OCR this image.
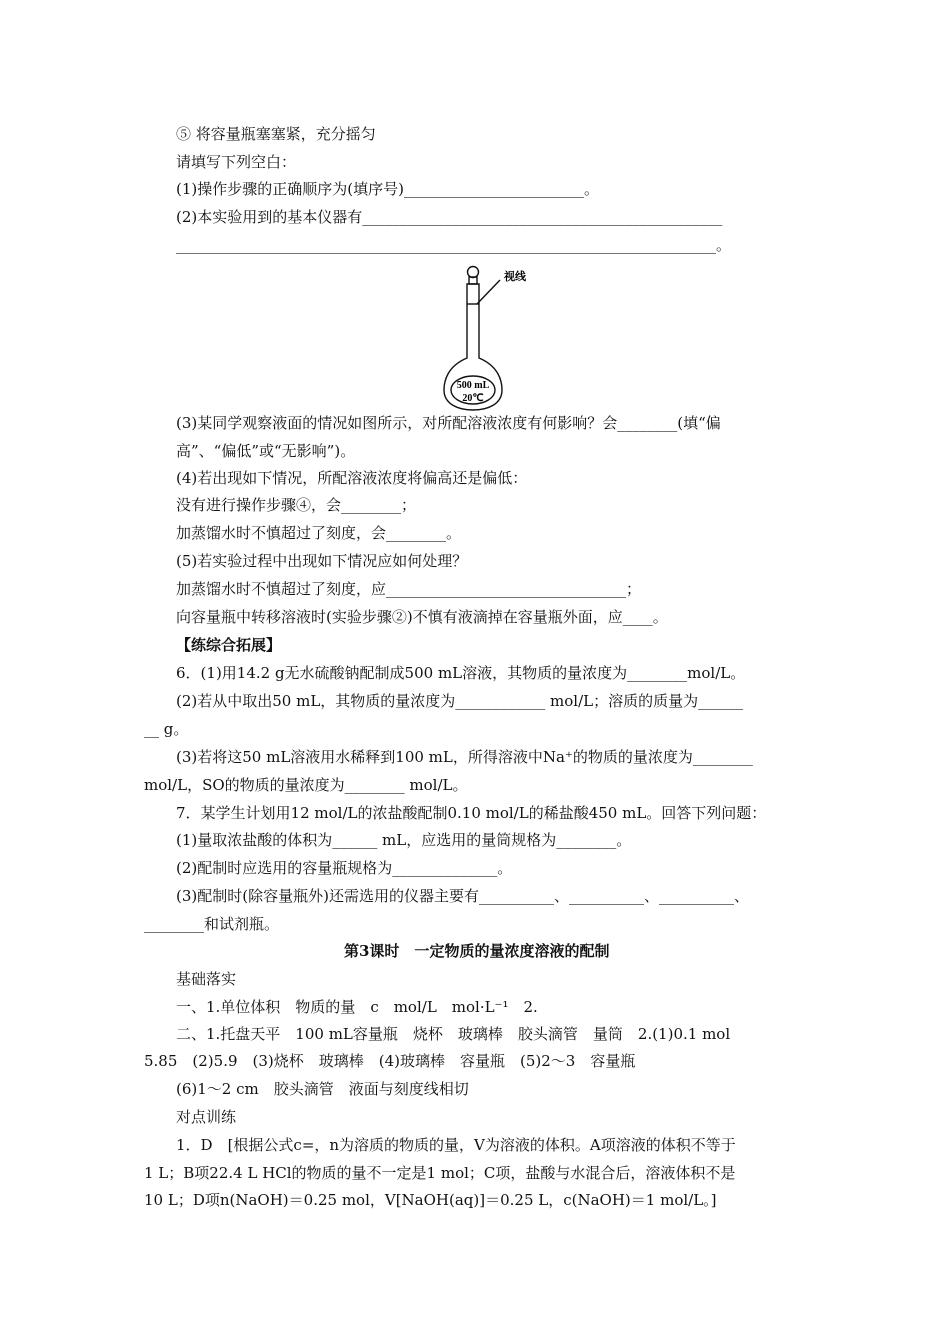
⑤ 将容量瓶塞塞紧，充分摇匀
请填写下列空白：
(1)操作步骤的正确顺序为(填序号)________________________。
(2)本实验用到的基本仪器有________________________________________________
________________________________________________________________________。
视线
500 mL
20℃
(3)某同学观察液面的情况如图所示，对所配溶液浓度有何影响？会________(填“偏
高”、“偏低”或“无影响”)。
(4)若出现如下情况，所配溶液浓度将偏高还是偏低：
没有进行操作步骤④，会________；
加蒸馏水时不慎超过了刻度，会________。
(5)若实验过程中出现如下情况应如何处理？
加蒸馏水时不慎超过了刻度，应________________________________；
向容量瓶中转移溶液时(实验步骤②)不慎有液滴掉在容量瓶外面，应____。
【练综合拓展】
6．(1)用14.2 g无水硫酸钠配制成500 mL溶液，其物质的量浓度为________mol/L。
(2)若从中取出50 mL，其物质的量浓度为____________ mol/L；溶质的质量为______
__ g。
(3)若将这50 mL溶液用水稀释到100 mL，所得溶液中Na⁺的物质的量浓度为________
mol/L，SO的物质的量浓度为________ mol/L。
7．某学生计划用12 mol/L的浓盐酸配制0.10 mol/L的稀盐酸450 mL。回答下列问题：
(1)量取浓盐酸的体积为______ mL，应选用的量筒规格为________。
(2)配制时应选用的容量瓶规格为______________。
(3)配制时(除容量瓶外)还需选用的仪器主要有__________、__________、__________、
________和试剂瓶。
第3课时　一定物质的量浓度溶液的配制
基础落实
一、1.单位体积　物质的量　c　mol/L　mol·L⁻¹　2.
二、1.托盘天平　100 mL容量瓶　烧杯　玻璃棒　胶头滴管　量筒　2.(1)0.1 mol
5.85　(2)5.9　(3)烧杯　玻璃棒　(4)玻璃棒　容量瓶　(5)2～3　容量瓶
(6)1～2 cm　胶头滴管　液面与刻度线相切
对点训练
1．D　[根据公式c=，n为溶质的物质的量，V为溶液的体积。A项溶液的体积不等于
1 L；B项22.4 L HCl的物质的量不一定是1 mol；C项，盐酸与水混合后，溶液体积不是
10 L；D项n(NaOH)＝0.25 mol，V[NaOH(aq)]＝0.25 L，c(NaOH)＝1 mol/L。]
